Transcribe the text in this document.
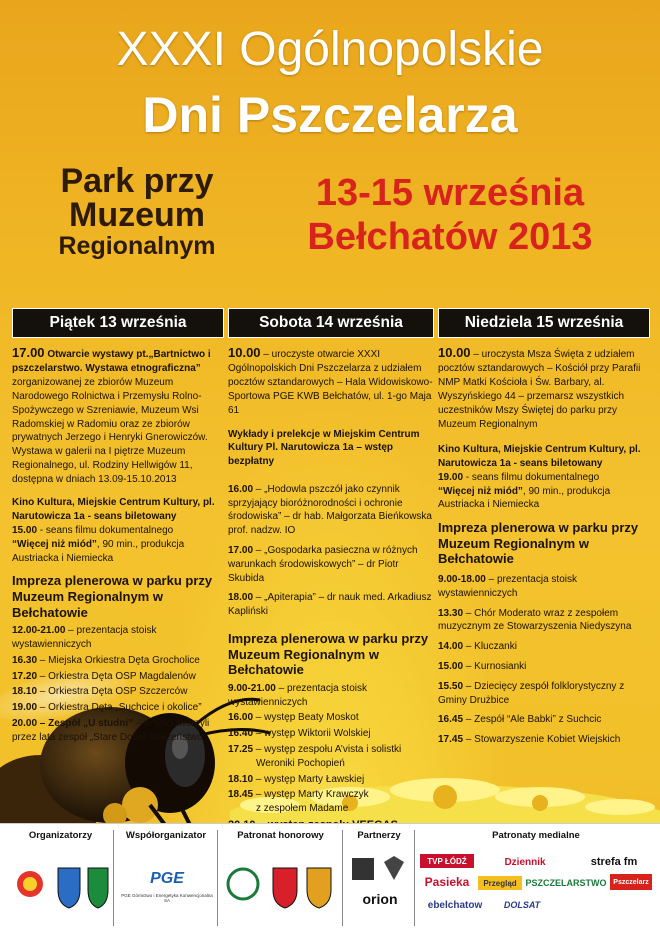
XXXI Ogólnopolskie
Dni Pszczelarza
Park przy
Muzeum
Regionalnym
13-15 września
Bełchatów 2013
Piątek 13 września
17.00 Otwarcie wystawy pt.„Bartnictwo i pszczelarstwo. Wystawa etnograficzna”
zorganizowanej ze zbiorów Muzeum Narodowego Rolnictwa i Przemysłu Rolno-Spożywczego w Szreniawie, Muzeum Wsi Radomskiej w Radomiu oraz ze zbiorów prywatnych Jerzego i Henryki Gnerowiczów. Wystawa w galerii na I piętrze Muzeum Regionalnego, ul. Rodziny Hellwigów 11, dostępna w dniach 13.09-15.10.2013
Kino Kultura, Miejskie Centrum Kultury, pl. Narutowicza 1a - seans biletowany
15.00 - seans filmu dokumentalnego
“Więcej niż miód”, 90 min., produkcja Austriacka i Niemiecka
Impreza plenerowa w parku przy Muzeum Regionalnym w Bełchatowie
12.00-21.00 – prezentacja stoisk wystawienniczych
16.30 – Miejska Orkiestra Dęta Grocholice
17.20 – Orkiestra Dęta OSP Magdalenów
18.10 – Orkiestra Dęta OSP Szczerców
19.00 – Orkiestra Dęta „Suchcice i okolice”
20.00 – Zespół „U studni” – artyści tworzyli przez lata zespół „Stare Dobre Małżeństwo”
Sobota 14 września
10.00 – uroczyste otwarcie XXXI Ogólnopolskich Dni Pszczelarza z udziałem pocztów sztandarowych – Hala Widowiskowo-Sportowa PGE KWB Bełchatów, ul. 1-go Maja 61
Wykłady i prelekcje w Miejskim Centrum Kultury Pl. Narutowicza 1a – wstęp bezpłatny
16.00 – „Hodowla pszczół jako czynnik sprzyjający bioróżnorodności i ochronie środowiska” – dr hab. Małgorzata Bieńkowska prof. nadzw. IO
17.00 – „Gospodarka pasieczna w różnych warunkach środowiskowych” – dr Piotr Skubida
18.00 – „Apiterapia” – dr nauk med. Arkadiusz Kapliński
Impreza plenerowa w parku przy Muzeum Regionalnym w Bełchatowie
9.00-21.00 – prezentacja stoisk wystawienniczych
16.00 – występ Beaty Moskot
16.40 – występ Wiktorii Wolskiej
17.25 – występ zespołu A’vista i solistki
Weroniki Pochopień
18.10 – występ Marty Ławskiej
18.45 – występ Marty Krawczyk
z zespołem Madame
Niedziela 15 września
10.00 – uroczysta Msza Święta z udziałem pocztów sztandarowych – Kościół przy Parafii NMP Matki Kościoła i Św. Barbary, al. Wyszyńskiego 44 – przemarsz wszystkich uczestników Mszy Świętej do parku przy Muzeum Regionalnym
Kino Kultura, Miejskie Centrum Kultury, pl. Narutowicza 1a - seans biletowany
19.00 - seans filmu dokumentalnego
“Więcej niż miód”, 90 min., produkcja Austriacka i Niemiecka
Impreza plenerowa w parku przy Muzeum Regionalnym w Bełchatowie
9.00-18.00 – prezentacja stoisk wystawienniczych
13.30 – Chór Moderato wraz z zespołem muzycznym ze Stowarzyszenia Niedyszyna
14.00 – Kluczanki
15.00 – Kurnosianki
15.50 – Dziecięcy zespół folklorystyczny z Gminy Drużbice
16.45 – Zespół “Ale Babki” z Suchcic
17.45 – Stowarzyszenie Kobiet Wiejskich
Organizatorzy	Współorganizator
PGE
PGE Górnictwo i Energetyka Konwencjonalna SA
Patronat honorowy	Partnerzy
orion
Patronaty medialne
TVP ŁÓDŹ	Dziennik	strefa fm
Pasieka	Przegląd PSZCZELARSTWO Pszczelarz
ebelchatow	DOLSAT
